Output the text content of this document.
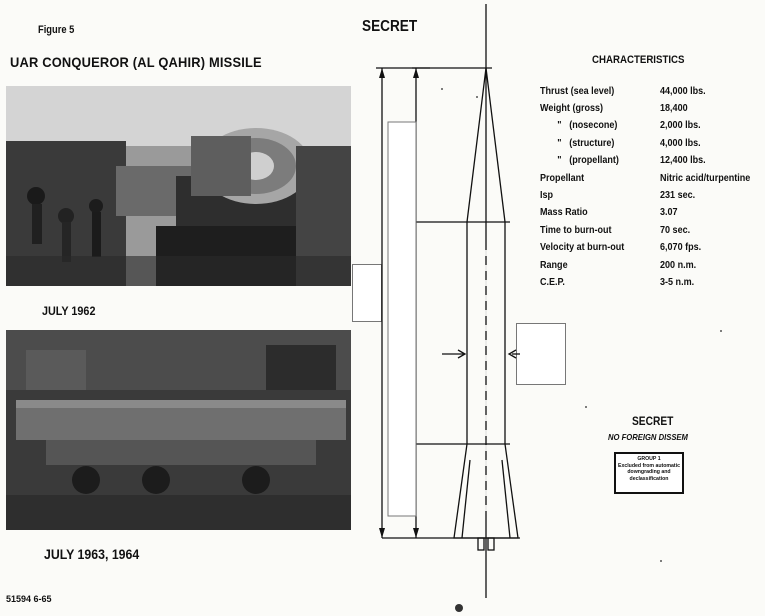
Figure 5
UAR CONQUEROR (AL QAHIR) MISSILE
SECRET
JULY 1962
JULY 1963, 1964
CHARACTERISTICS
Thrust (sea level)	44,000 lbs.
Weight (gross)	18,400
" (nosecone)	2,000 lbs.
" (structure)	4,000 lbs.
" (propellant)	12,400 lbs.
Propellant	Nitric acid/turpentine
Isp	231 sec.
Mass Ratio	3.07
Time to burn-out	70 sec.
Velocity at burn-out	6,070 fps.
Range	200 n.m.
C.E.P.	3-5 n.m.
SECRET
NO FOREIGN DISSEM
GROUP 1
Excluded from automatic downgrading and declassification
51594 6-65
